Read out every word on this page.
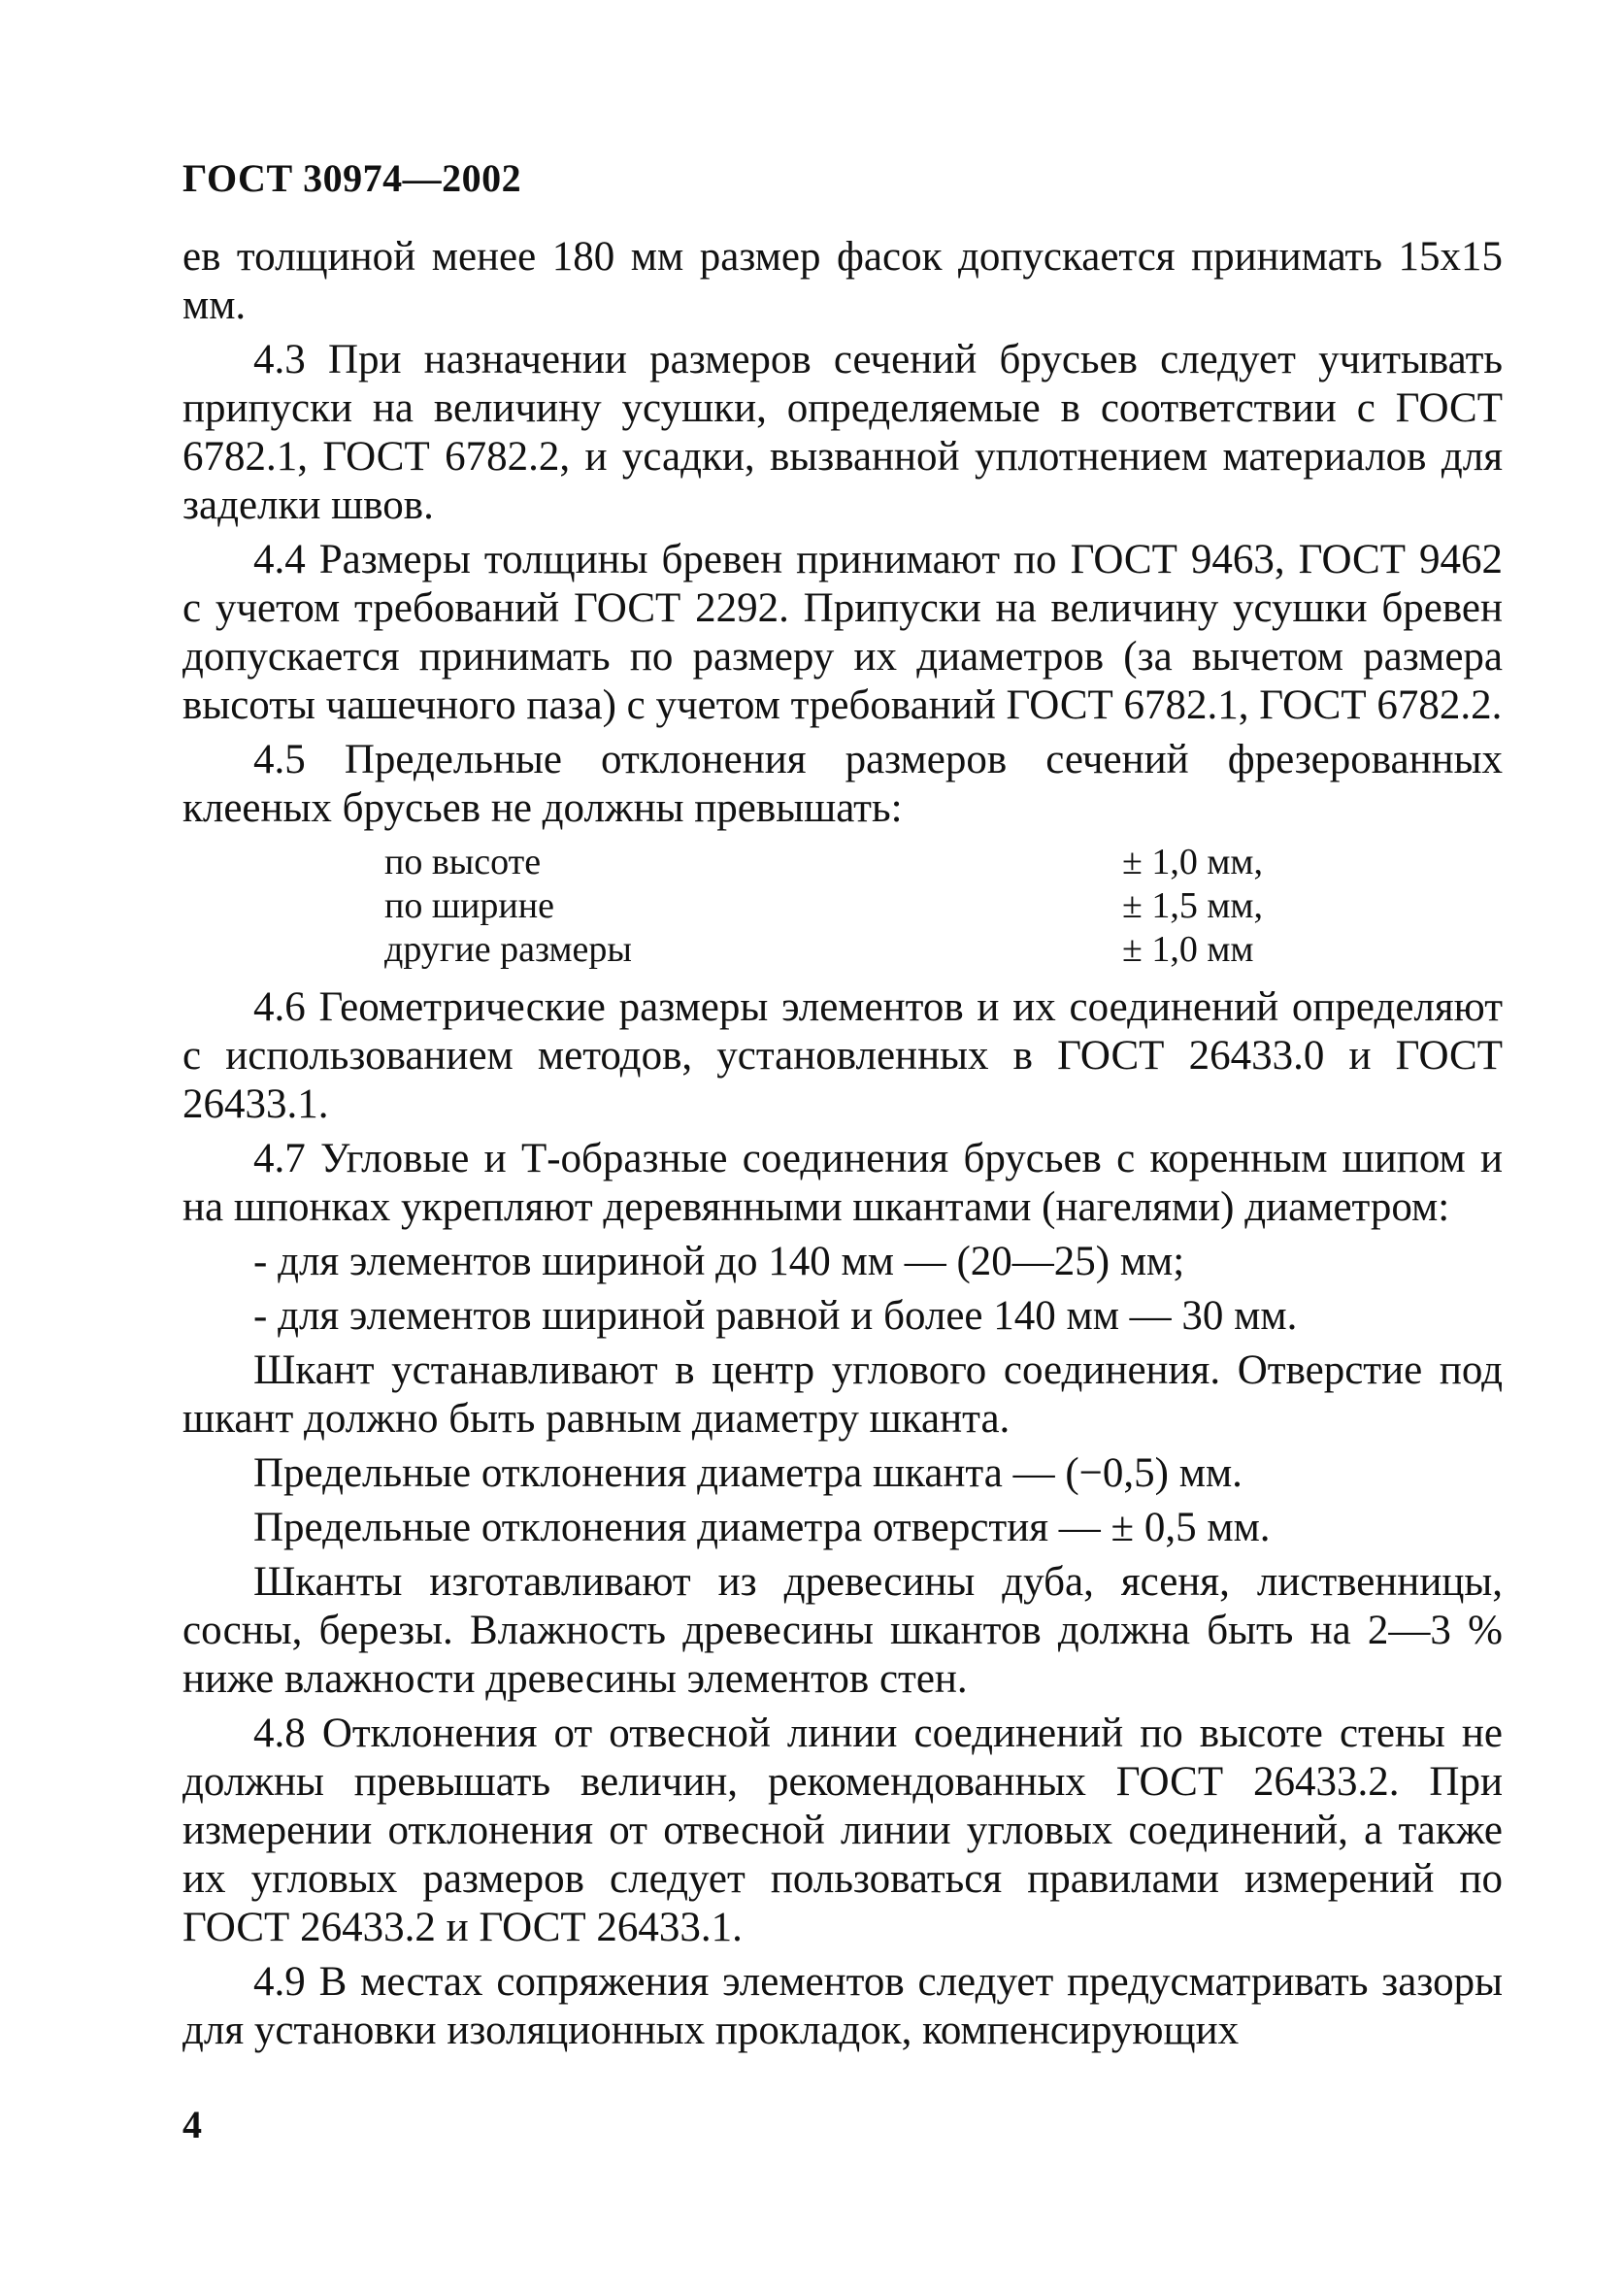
ГОСТ 30974—2002

ев толщиной менее 180 мм размер фасок допускается принимать 15х15 мм.

4.3 При назначении размеров сечений брусьев следует учитывать припуски на величину усушки, определяемые в соответствии с ГОСТ 6782.1, ГОСТ 6782.2, и усадки, вызванной уплотнением материалов для заделки швов.

4.4 Размеры толщины бревен принимают по ГОСТ 9463, ГОСТ 9462 с учетом требований ГОСТ 2292. Припуски на величину усушки бревен допускается принимать по размеру их диаметров (за вычетом размера высоты чашечного паза) с учетом требований ГОСТ 6782.1, ГОСТ 6782.2.

4.5 Предельные отклонения размеров сечений фрезерованных клееных брусьев не должны превышать:

по высоте	± 1,0 мм,
по ширине	± 1,5 мм,
другие размеры	± 1,0 мм

4.6 Геометрические размеры элементов и их соединений определяют с использованием методов, установленных в ГОСТ 26433.0 и ГОСТ 26433.1.

4.7 Угловые и Т-образные соединения брусьев с коренным шипом и на шпонках укрепляют деревянными шкантами (нагелями) диаметром:

- для элементов шириной до 140 мм — (20—25) мм;

- для элементов шириной равной и более 140 мм — 30 мм.

Шкант устанавливают в центр углового соединения. Отверстие под шкант должно быть равным диаметру шканта.

Предельные отклонения диаметра шканта — (−0,5) мм.

Предельные отклонения диаметра отверстия — ± 0,5 мм.

Шканты изготавливают из древесины дуба, ясеня, лиственницы, сосны, березы. Влажность древесины шкантов должна быть на 2—3 % ниже влажности древесины элементов стен.

4.8 Отклонения от отвесной линии соединений по высоте стены не должны превышать величин, рекомендованных ГОСТ 26433.2. При измерении отклонения от отвесной линии угловых соединений, а также их угловых размеров следует пользоваться правилами измерений по ГОСТ 26433.2 и ГОСТ 26433.1.

4.9 В местах сопряжения элементов следует предусматривать зазоры для установки изоляционных прокладок, компенсирующих

4
